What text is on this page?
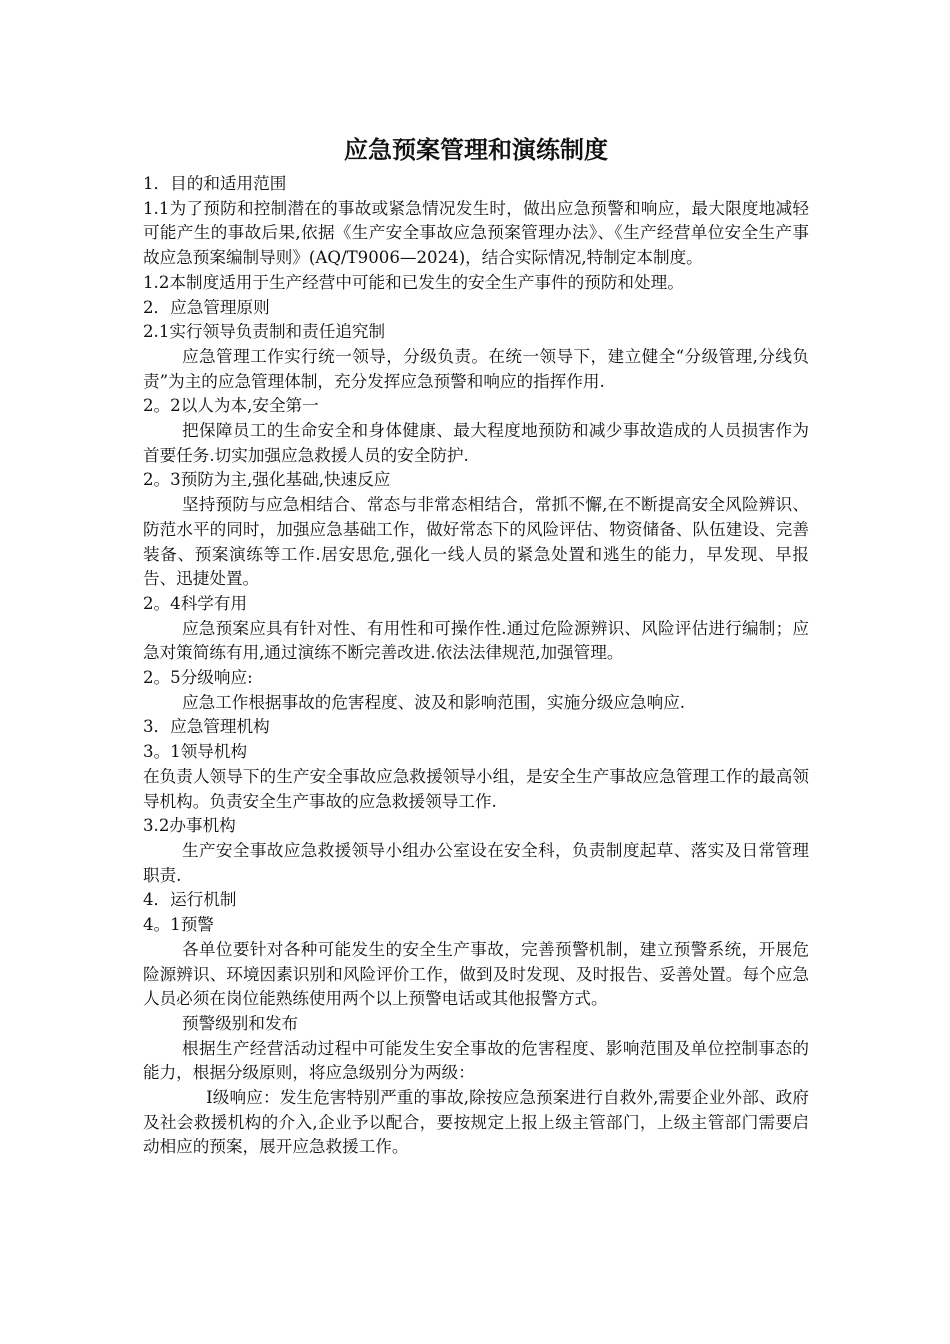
应急预案管理和演练制度

1．目的和适用范围

1.1为了预防和控制潜在的事故或紧急情况发生时，做出应急预警和响应，最大限度地减轻可能产生的事故后果,依据《生产安全事故应急预案管理办法》、《生产经营单位安全生产事故应急预案编制导则》(AQ/T9006—2024)，结合实际情况,特制定本制度。

1.2本制度适用于生产经营中可能和已发生的安全生产事件的预防和处理。

2．应急管理原则

2.1实行领导负责制和责任追究制

应急管理工作实行统一领导，分级负责。在统一领导下，建立健全“分级管理,分线负责”为主的应急管理体制，充分发挥应急预警和响应的指挥作用.

2。2以人为本,安全第一

把保障员工的生命安全和身体健康、最大程度地预防和减少事故造成的人员损害作为首要任务.切实加强应急救援人员的安全防护.

2。3预防为主,强化基础,快速反应

坚持预防与应急相结合、常态与非常态相结合，常抓不懈,在不断提高安全风险辨识、防范水平的同时，加强应急基础工作，做好常态下的风险评估、物资储备、队伍建设、完善装备、预案演练等工作.居安思危,强化一线人员的紧急处置和逃生的能力，早发现、早报告、迅捷处置。

2。4科学有用

应急预案应具有针对性、有用性和可操作性.通过危险源辨识、风险评估进行编制；应急对策简练有用,通过演练不断完善改进.依法法律规范,加强管理。

2。5分级响应:

应急工作根据事故的危害程度、波及和影响范围，实施分级应急响应.

3．应急管理机构

3。1领导机构

在负责人领导下的生产安全事故应急救援领导小组，是安全生产事故应急管理工作的最高领导机构。负责安全生产事故的应急救援领导工作.

3.2办事机构

生产安全事故应急救援领导小组办公室设在安全科，负责制度起草、落实及日常管理职责.

4．运行机制

4。1预警

各单位要针对各种可能发生的安全生产事故，完善预警机制，建立预警系统，开展危险源辨识、环境因素识别和风险评价工作，做到及时发现、及时报告、妥善处置。每个应急人员必须在岗位能熟练使用两个以上预警电话或其他报警方式。

预警级别和发布

根据生产经营活动过程中可能发生安全事故的危害程度、影响范围及单位控制事态的能力，根据分级原则，将应急级别分为两级：

Ⅰ级响应：发生危害特别严重的事故,除按应急预案进行自救外,需要企业外部、政府及社会救援机构的介入,企业予以配合，要按规定上报上级主管部门，上级主管部门需要启动相应的预案，展开应急救援工作。
